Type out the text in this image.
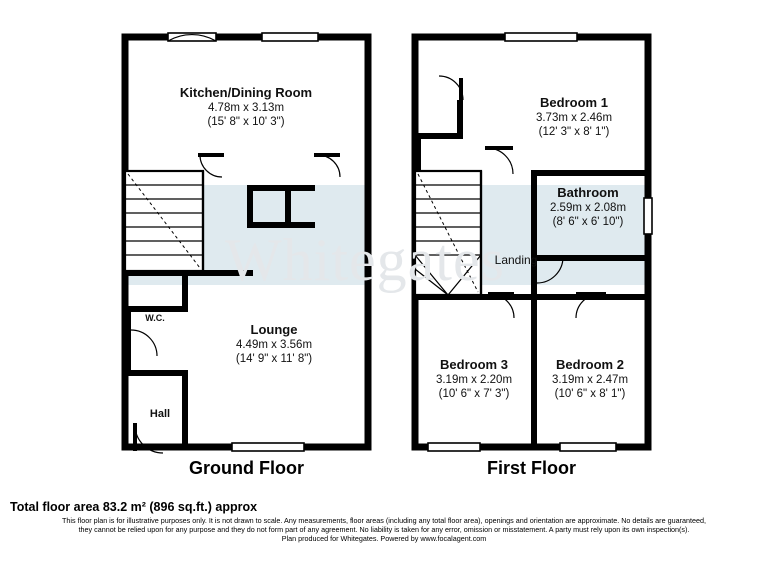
Whitegates
Kitchen/Dining Room
4.78m x 3.13m
(15' 8" x 10' 3")
Lounge
4.49m x 3.56m
(14' 9" x 11' 8")
W.C.
Hall
Bedroom 1
3.73m x 2.46m
(12' 3" x 8' 1")
Bathroom
2.59m x 2.08m
(8' 6" x 6' 10")
Landing
Bedroom 3
3.19m x 2.20m
(10' 6" x 7' 3")
Bedroom 2
3.19m x 2.47m
(10' 6" x 8' 1")
Ground Floor	First Floor
Total floor area 83.2 m² (896 sq.ft.) approx
This floor plan is for illustrative purposes only. It is not drawn to scale. Any measurements, floor areas (including any total floor area), openings and orientation are approximate. No details are guaranteed,
they cannot be relied upon for any purpose and they do not form part of any agreement. No liability is taken for any error, omission or misstatement. A party must rely upon its own inspection(s).
Plan produced for Whitegates. Powered by www.focalagent.com
